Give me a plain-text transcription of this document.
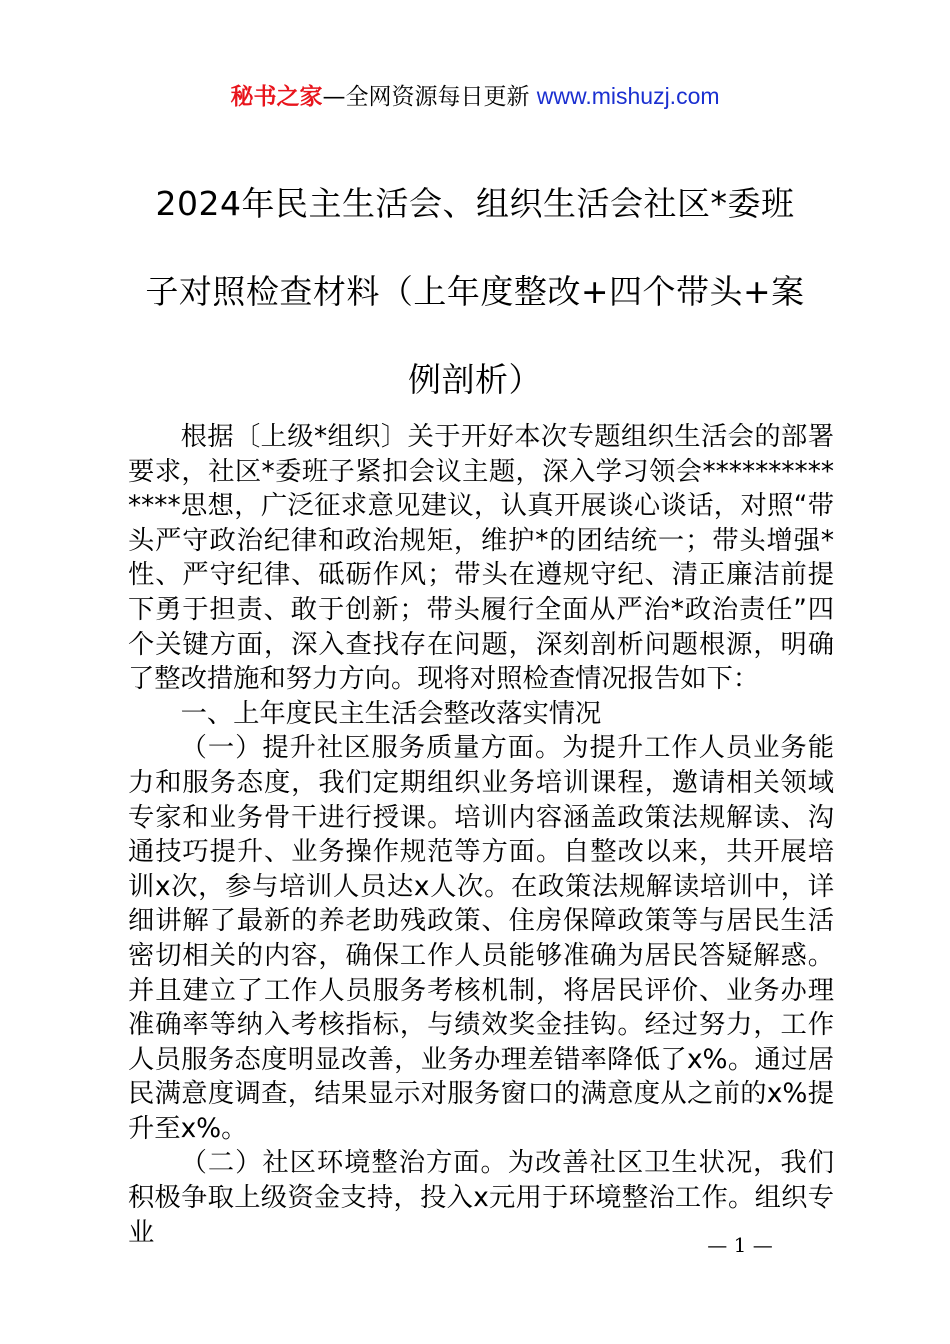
秘书之家—全网资源每日更新 www.mishuzj.com
2024年民主生活会、组织生活会社区*委班
子对照检查材料（上年度整改+四个带头+案
例剖析）

根据〔上级*组织〕关于开好本次专题组织生活会的部署要求，社区*委班子紧扣会议主题，深入学习领会**************思想，广泛征求意见建议，认真开展谈心谈话，对照“带头严守政治纪律和政治规矩，维护*的团结统一；带头增强*性、严守纪律、砥砺作风；带头在遵规守纪、清正廉洁前提下勇于担责、敢于创新；带头履行全面从严治*政治责任”四个关键方面，深入查找存在问题，深刻剖析问题根源，明确了整改措施和努力方向。现将对照检查情况报告如下：

一、上年度民主生活会整改落实情况

（一）提升社区服务质量方面。为提升工作人员业务能力和服务态度，我们定期组织业务培训课程，邀请相关领域专家和业务骨干进行授课。培训内容涵盖政策法规解读、沟通技巧提升、业务操作规范等方面。自整改以来，共开展培训x次，参与培训人员达x人次。在政策法规解读培训中，详细讲解了最新的养老助残政策、住房保障政策等与居民生活密切相关的内容，确保工作人员能够准确为居民答疑解惑。并且建立了工作人员服务考核机制，将居民评价、业务办理准确率等纳入考核指标，与绩效奖金挂钩。经过努力，工作人员服务态度明显改善，业务办理差错率降低了x%。通过居民满意度调查，结果显示对服务窗口的满意度从之前的x%提升至x%。

（二）社区环境整治方面。为改善社区卫生状况，我们积极争取上级资金支持，投入x元用于环境整治工作。组织专业	— 1 —
